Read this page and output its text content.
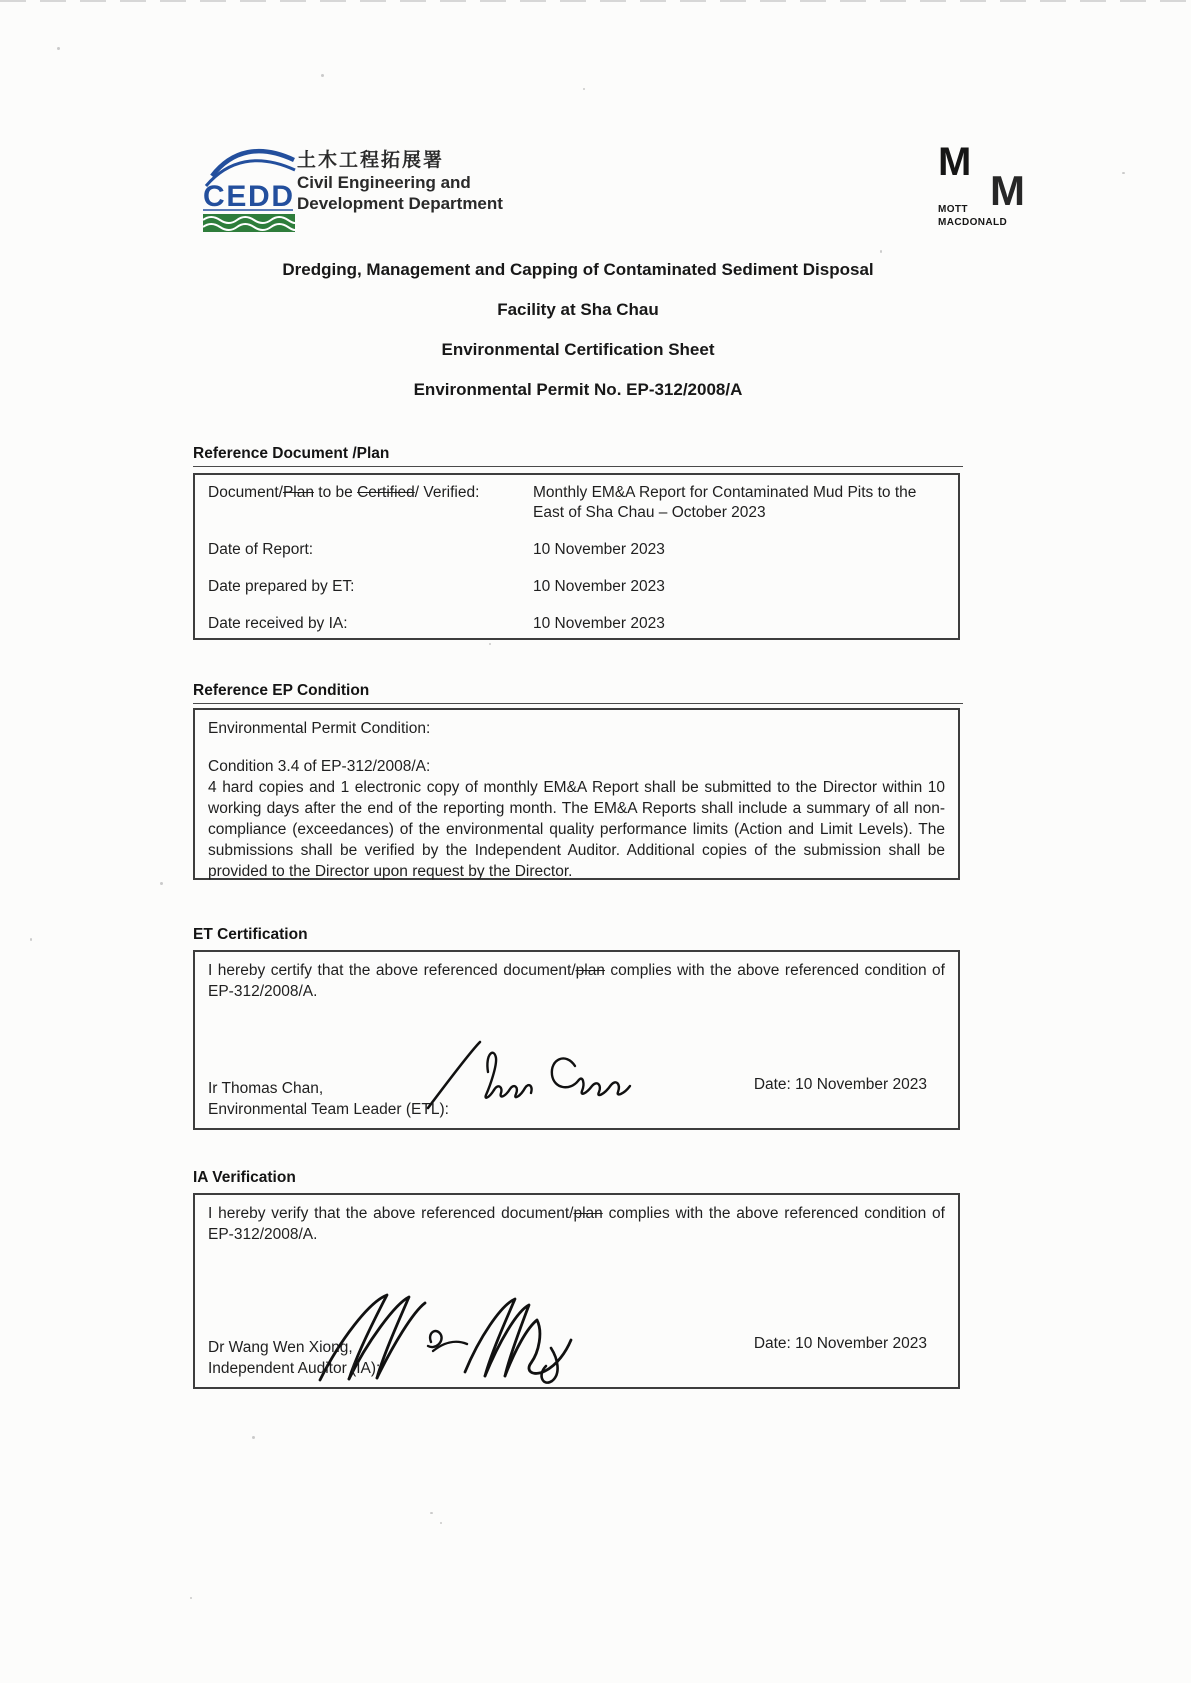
CEDD
土木工程拓展署
Civil Engineering and
Development Department
M
M
MOTT
MACDONALD
Dredging, Management and Capping of Contaminated Sediment Disposal
Facility at Sha Chau
Environmental Certification Sheet
Environmental Permit No. EP-312/2008/A
Reference Document /Plan
Document/Plan to be Certified/ Verified:	Monthly EM&A Report for Contaminated Mud Pits to the East of Sha Chau – October 2023
Date of Report:	10 November 2023
Date prepared by ET:	10 November 2023
Date received by IA:	10 November 2023
Reference EP Condition
Environmental Permit Condition:
Condition 3.4 of EP-312/2008/A:
4 hard copies and 1 electronic copy of monthly EM&A Report shall be submitted to the Director within 10 working days after the end of the reporting month. The EM&A Reports shall include a summary of all non-compliance (exceedances) of the environmental quality performance limits (Action and Limit Levels). The submissions shall be verified by the Independent Auditor. Additional copies of the submission shall be provided to the Director upon request by the Director.
ET Certification
I hereby certify that the above referenced document/plan complies with the above referenced condition of EP-312/2008/A.
Ir Thomas Chan,
Environmental Team Leader (ETL):
Date: 10 November 2023
IA Verification
I hereby verify that the above referenced document/plan complies with the above referenced condition of EP-312/2008/A.
Dr Wang Wen Xiong,
Independent Auditor (IA):
Date: 10 November 2023
